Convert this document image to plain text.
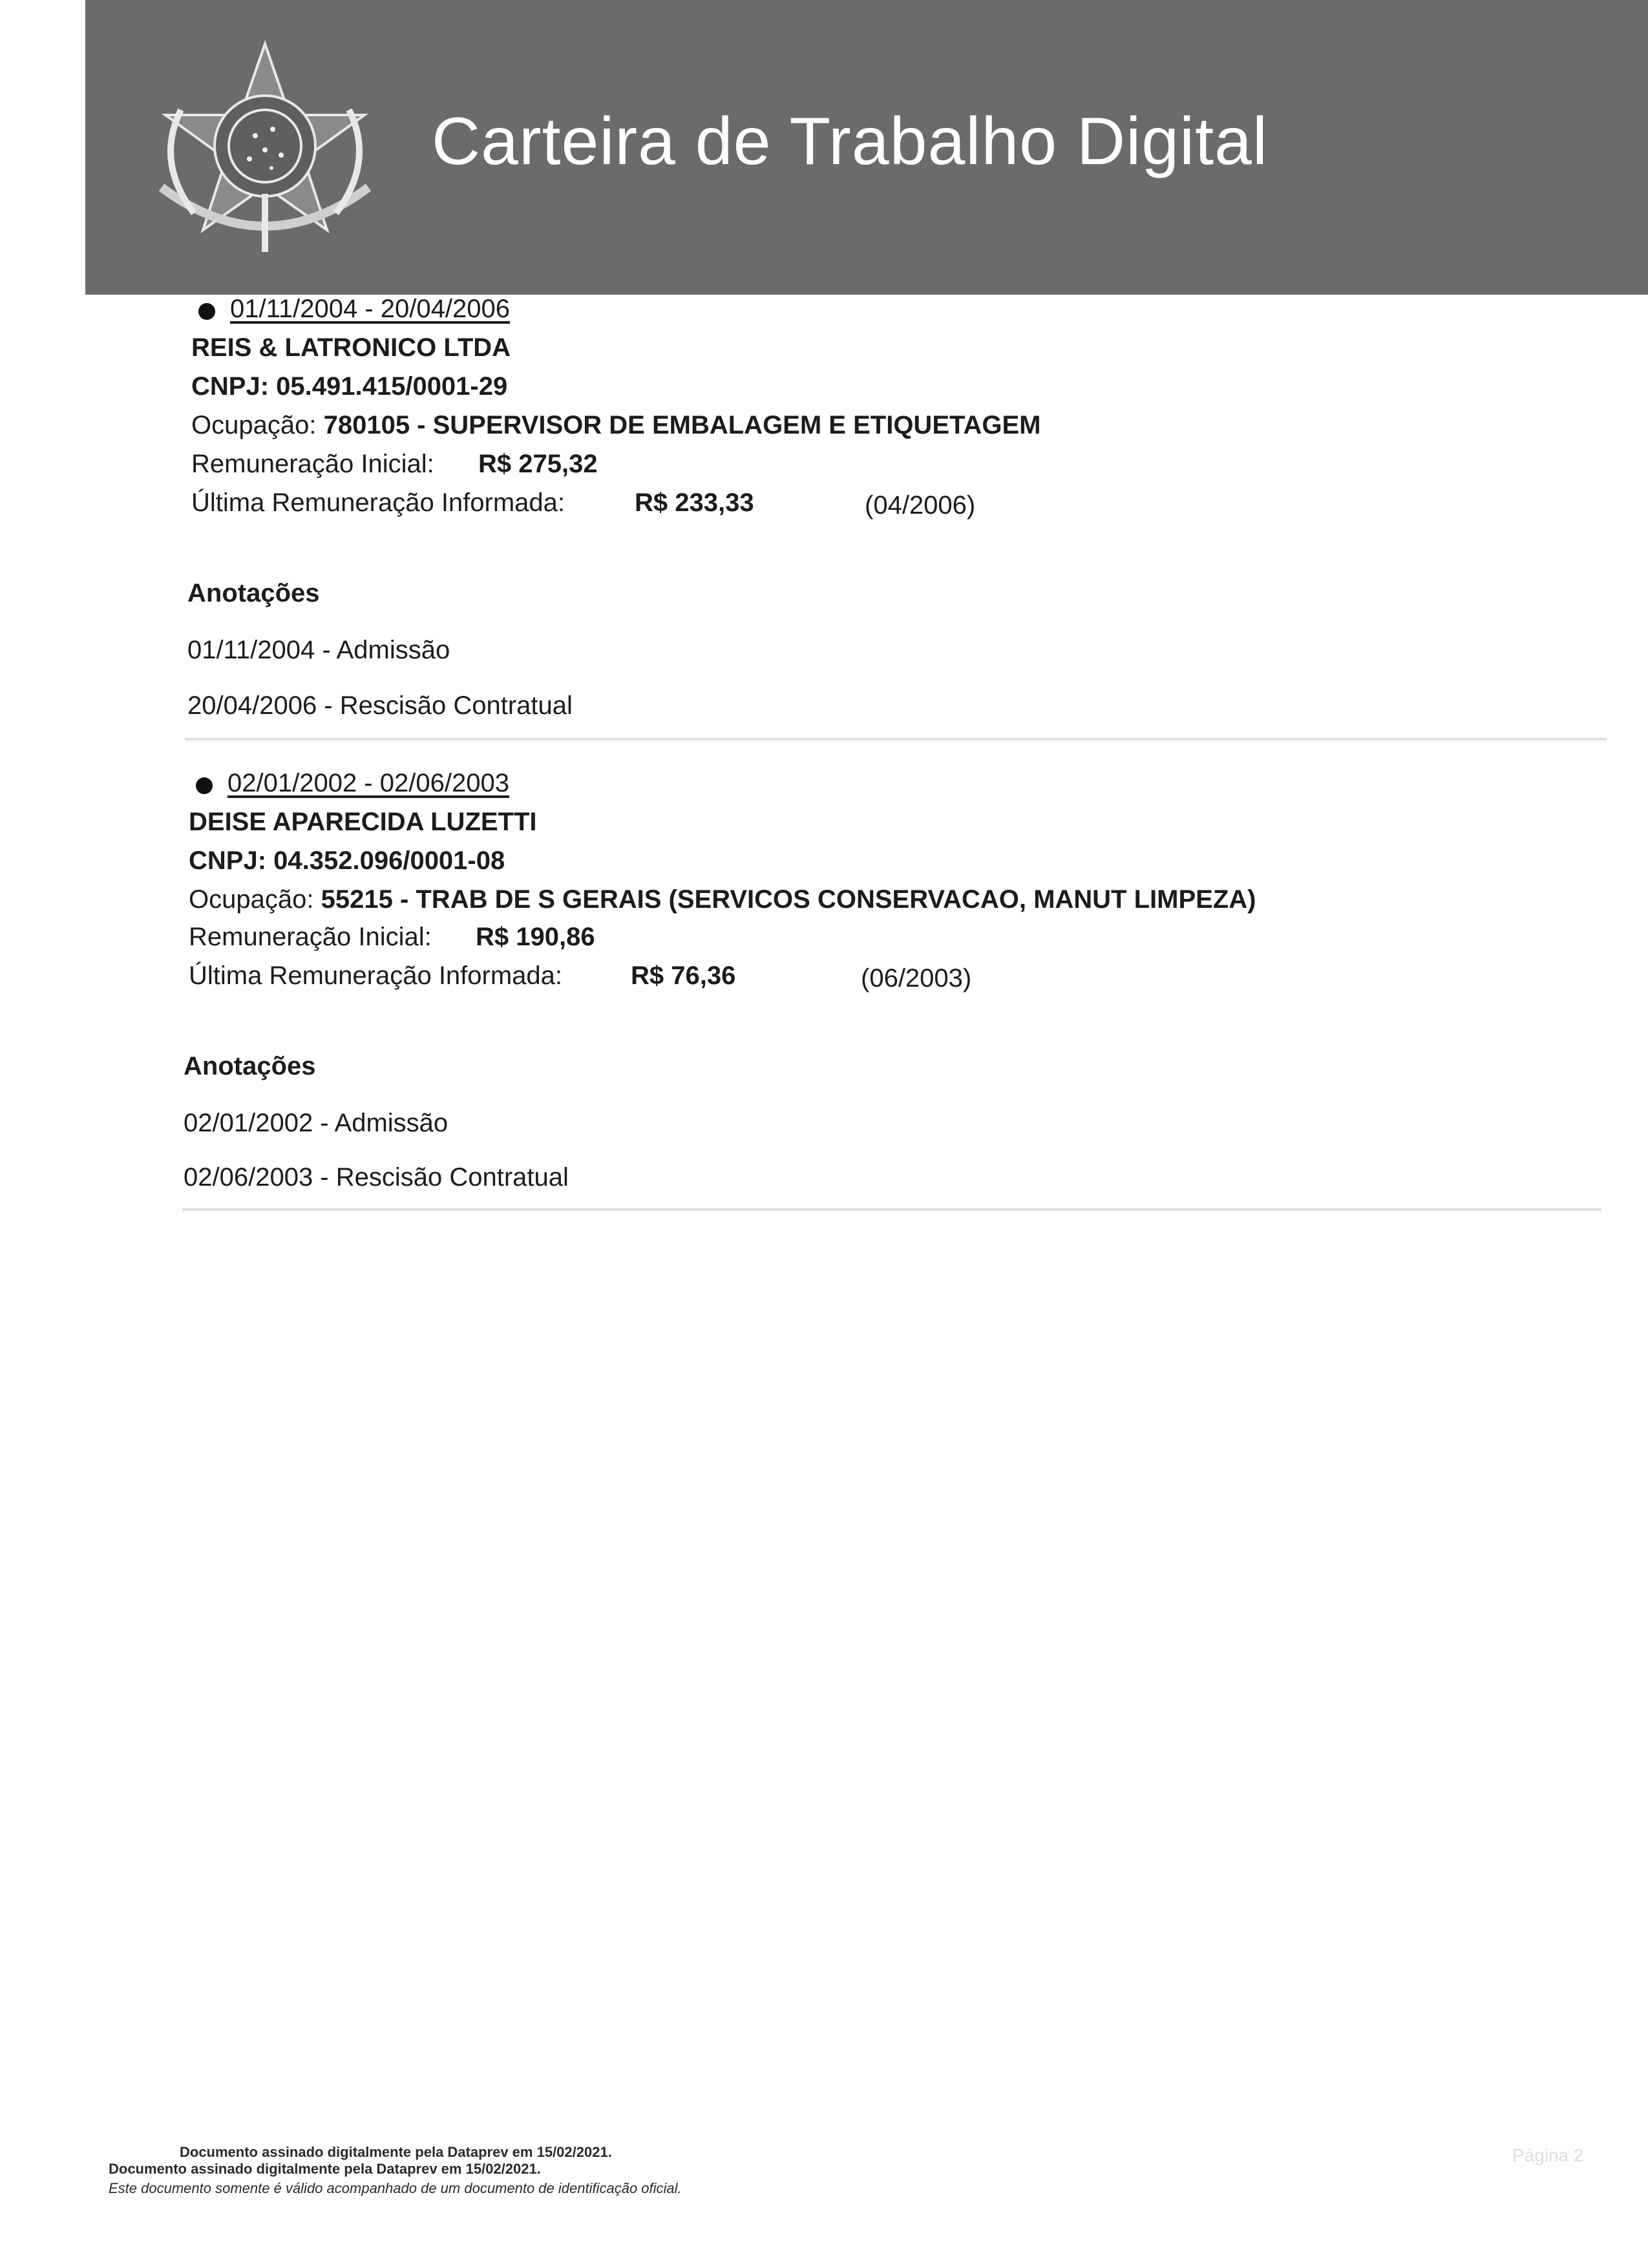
Carteira de Trabalho Digital
01/11/2004 - 20/04/2006
REIS & LATRONICO LTDA
CNPJ: 05.491.415/0001-29
Ocupação: 780105 - SUPERVISOR DE EMBALAGEM E ETIQUETAGEM
Remuneração Inicial: R$ 275,32
Última Remuneração Informada:	R$ 233,33	(04/2006)
Anotações
01/11/2004 - Admissão
20/04/2006 - Rescisão Contratual
02/01/2002 - 02/06/2003
DEISE APARECIDA LUZETTI
CNPJ: 04.352.096/0001-08
Ocupação: 55215 - TRAB DE S GERAIS (SERVICOS CONSERVACAO, MANUT LIMPEZA)
Remuneração Inicial: R$ 190,86
Última Remuneração Informada:	R$ 76,36	(06/2003)
Anotações
02/01/2002 - Admissão
02/06/2003 - Rescisão Contratual
Documento assinado digitalmente pela Dataprev em 15/02/2021.
Documento assinado digitalmente pela Dataprev em 15/02/2021.
Este documento somente é válido acompanhado de um documento de identificação oficial.
Página 2
